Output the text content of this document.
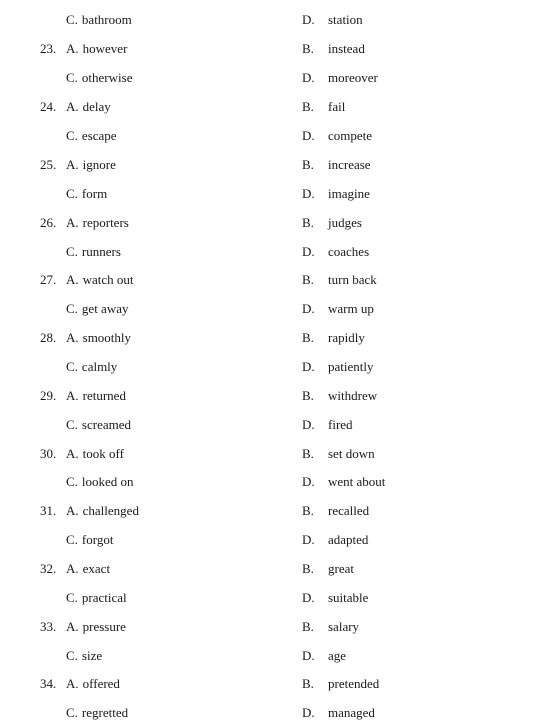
C. bathroom	D. station
23. A. however	B. instead
C. otherwise	D. moreover
24. A. delay	B. fail
C. escape	D. compete
25. A. ignore	B. increase
C. form	D. imagine
26. A. reporters	B. judges
C. runners	D. coaches
27. A. watch out	B. turn back
C. get away	D. warm up
28. A. smoothly	B. rapidly
C. calmly	D. patiently
29. A. returned	B. withdrew
C. screamed	D. fired
30. A. took off	B. set down
C. looked on	D. went about
31. A. challenged	B. recalled
C. forgot	D. adapted
32. A. exact	B. great
C. practical	D. suitable
33. A. pressure	B. salary
C. size	D. age
34. A. offered	B. pretended
C. regretted	D. managed
